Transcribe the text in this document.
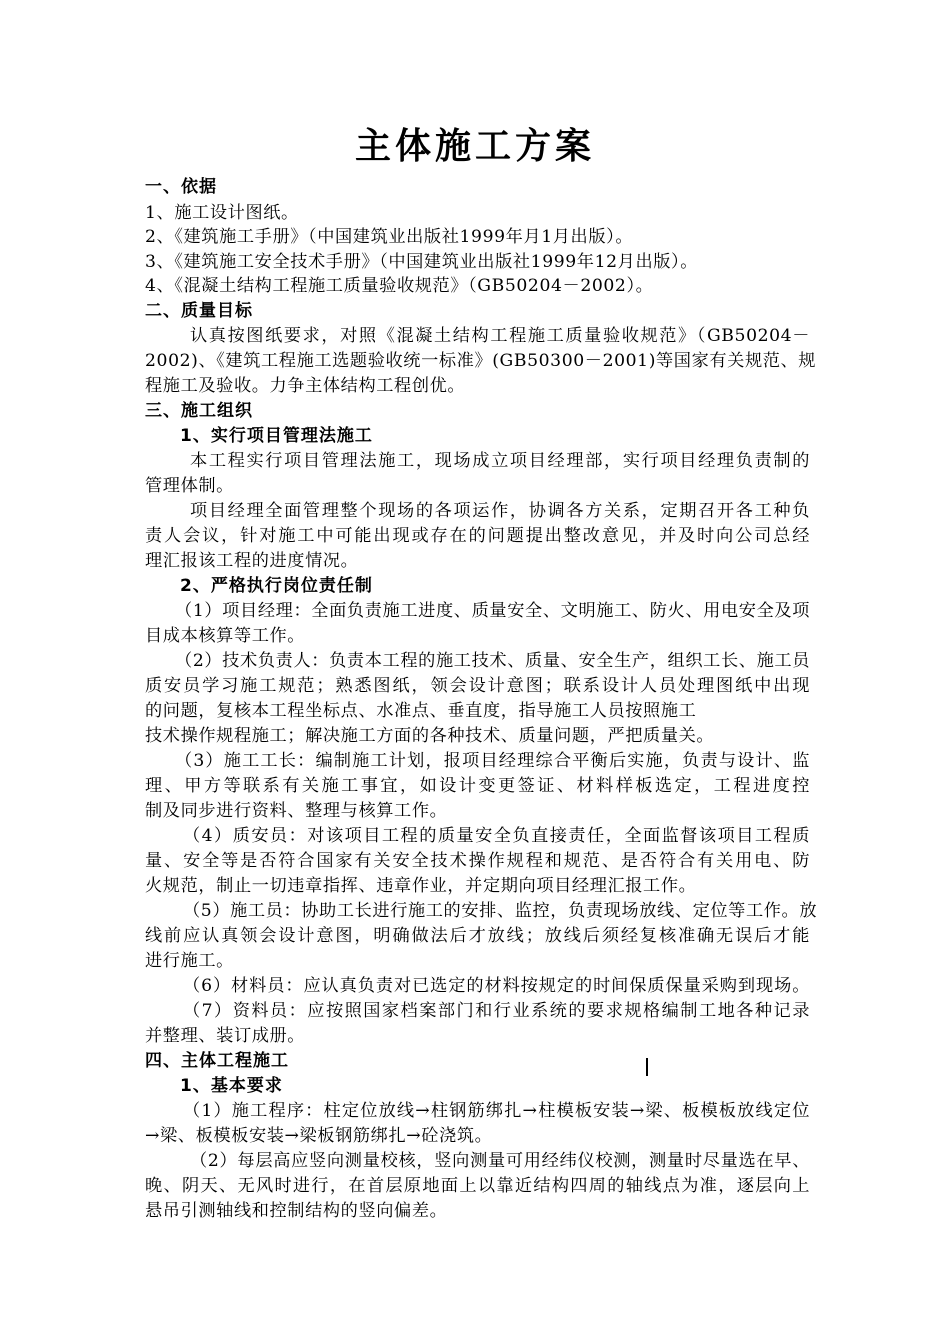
主体施工方案
一、依据
1、施工设计图纸。
2、《建筑施工手册》（中国建筑业出版社1999年月1月出版）。
3、《建筑施工安全技术手册》（中国建筑业出版社1999年12月出版）。
4、《混凝土结构工程施工质量验收规范》（GB50204－2002）。
二、质量目标
认真按图纸要求，对照《混凝土结构工程施工质量验收规范》（GB50204－
2002)、《建筑工程施工选题验收统一标准》(GB50300－2001)等国家有关规范、规
程施工及验收。力争主体结构工程创优。
三、施工组织
1、实行项目管理法施工
本工程实行项目管理法施工，现场成立项目经理部，实行项目经理负责制的
管理体制。
项目经理全面管理整个现场的各项运作，协调各方关系，定期召开各工种负
责人会议，针对施工中可能出现或存在的问题提出整改意见，并及时向公司总经
理汇报该工程的进度情况。
2、严格执行岗位责任制
（1）项目经理：全面负责施工进度、质量安全、文明施工、防火、用电安全及项
目成本核算等工作。
（2）技术负责人：负责本工程的施工技术、质量、安全生产，组织工长、施工员
质安员学习施工规范；熟悉图纸，领会设计意图；联系设计人员处理图纸中出现
的问题，复核本工程坐标点、水准点、垂直度，指导施工人员按照施工
技术操作规程施工；解决施工方面的各种技术、质量问题，严把质量关。
（3）施工工长：编制施工计划，报项目经理综合平衡后实施，负责与设计、监
理、甲方等联系有关施工事宜，如设计变更签证、材料样板选定，工程进度控
制及同步进行资料、整理与核算工作。
（4）质安员：对该项目工程的质量安全负直接责任，全面监督该项目工程质
量、安全等是否符合国家有关安全技术操作规程和规范、是否符合有关用电、防
火规范，制止一切违章指挥、违章作业，并定期向项目经理汇报工作。
（5）施工员：协助工长进行施工的安排、监控，负责现场放线、定位等工作。放
线前应认真领会设计意图，明确做法后才放线；放线后须经复核准确无误后才能
进行施工。
（6）材料员：应认真负责对已选定的材料按规定的时间保质保量采购到现场。
（7）资料员：应按照国家档案部门和行业系统的要求规格编制工地各种记录
并整理、装订成册。
四、主体工程施工
1、基本要求
（1）施工程序：柱定位放线→柱钢筋绑扎→柱模板安装→梁、板模板放线定位
→梁、板模板安装→梁板钢筋绑扎→砼浇筑。
（2）每层高应竖向测量校核，竖向测量可用经纬仪校测，测量时尽量选在早、
晚、阴天、无风时进行，在首层原地面上以靠近结构四周的轴线点为准，逐层向上
悬吊引测轴线和控制结构的竖向偏差。
